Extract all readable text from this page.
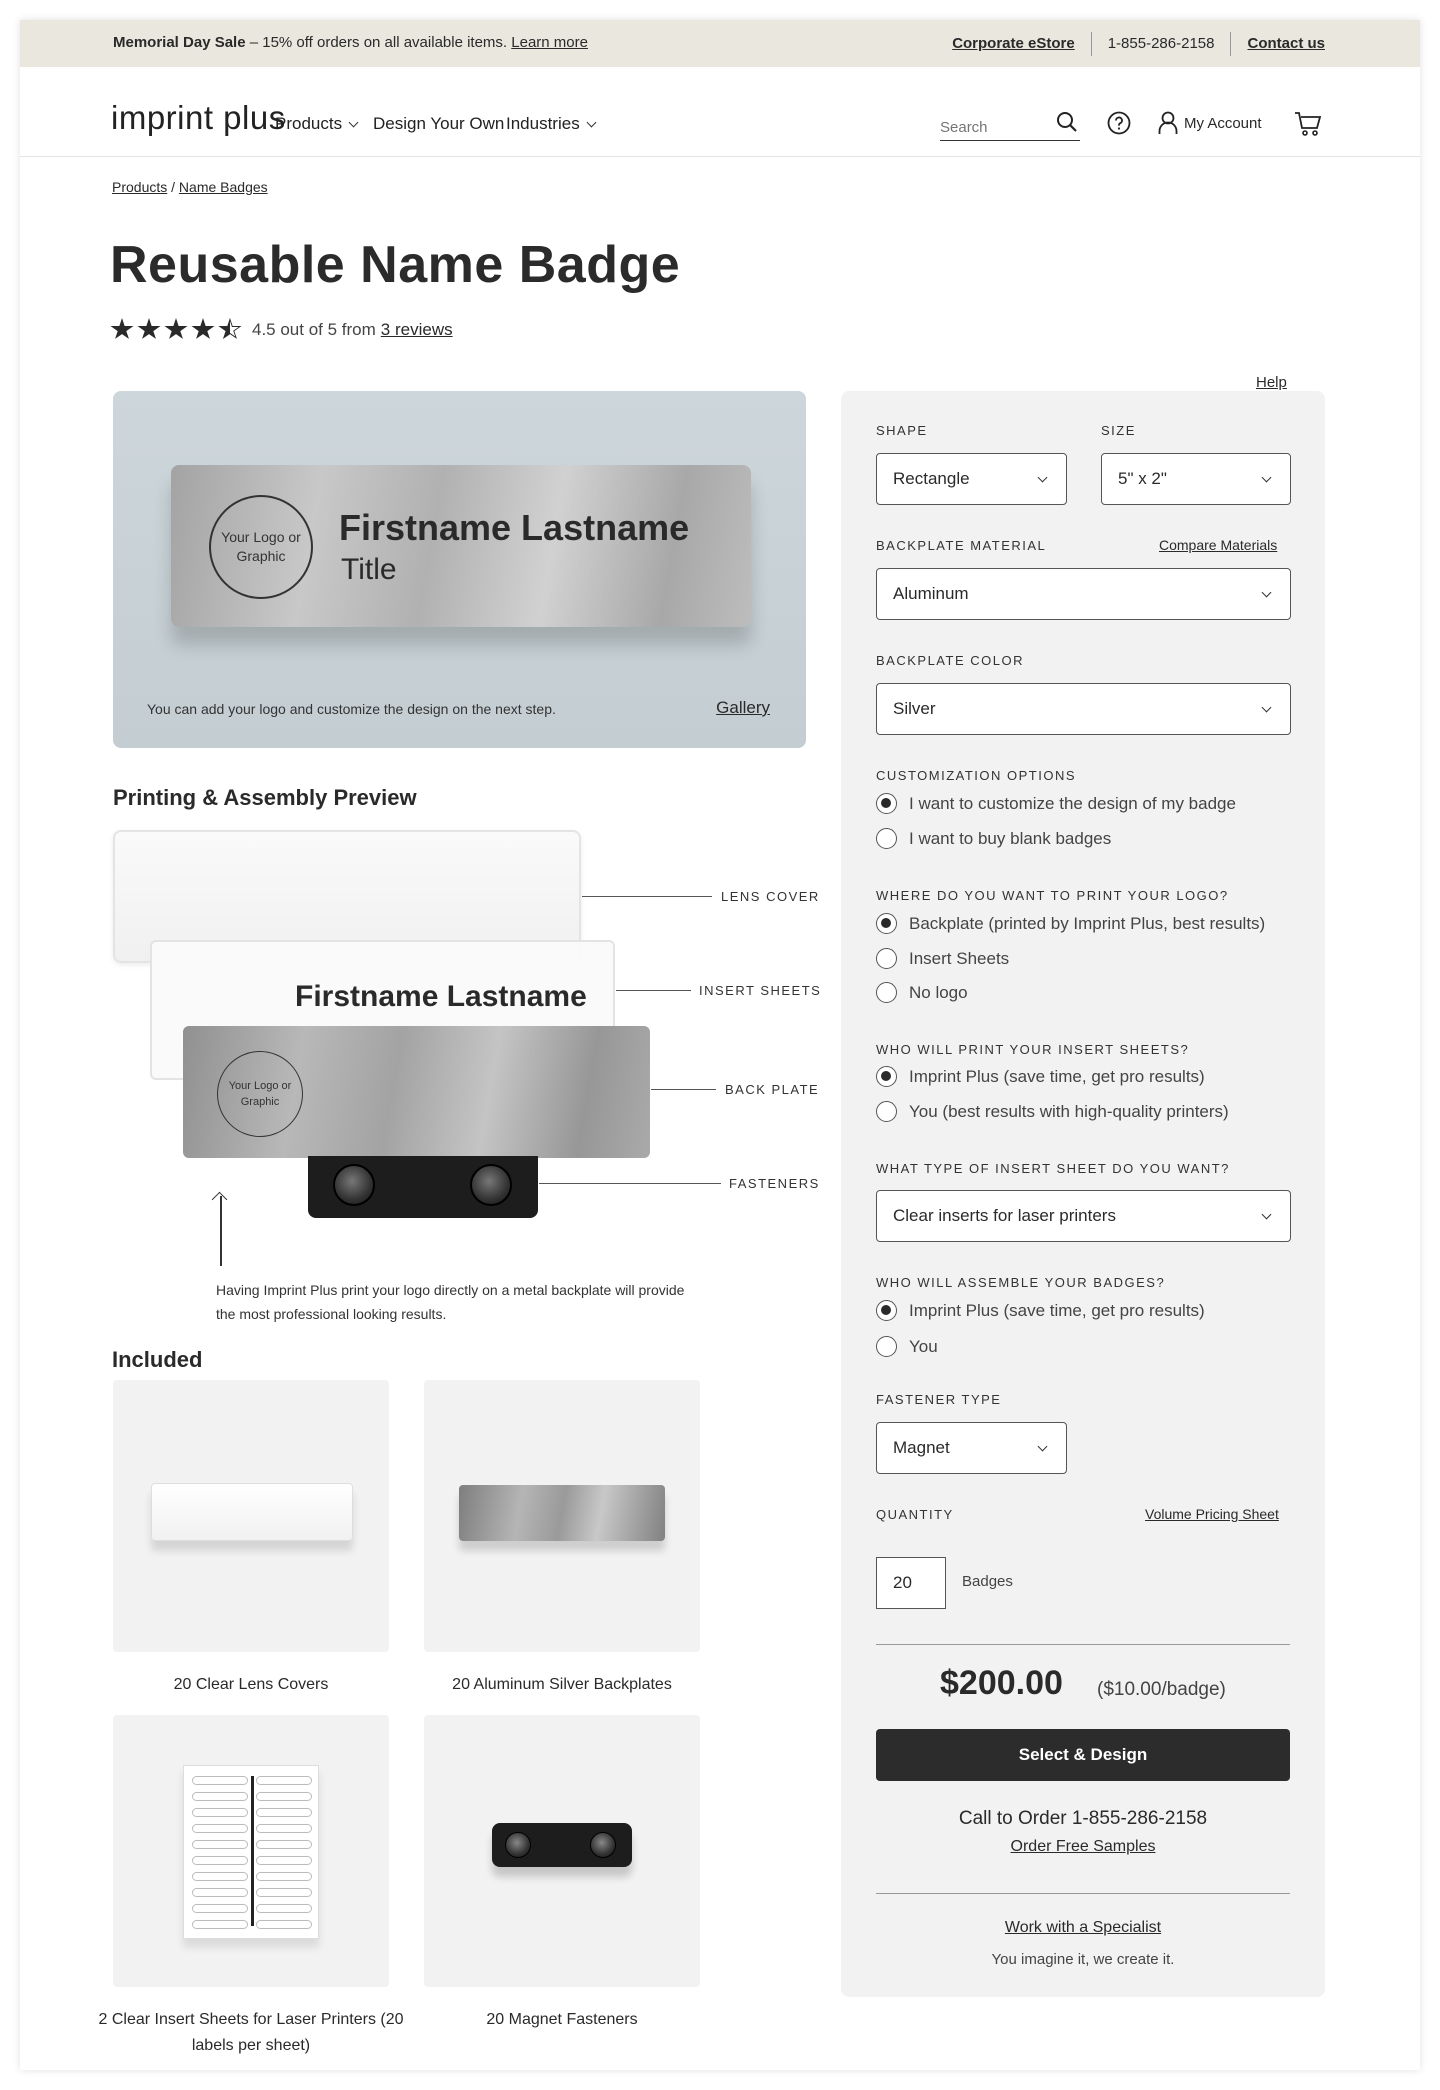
Memorial Day Sale – 15% off orders on all available items. Learn more	Corporate eStore	1-855-286-2158	Contact us
imprint plus
Products	Design Your Own Industries
Search	My Account
Products / Name Badges
Reusable Name Badge
4.5 out of 5 from 3 reviews
Your Logo or Graphic
Firstname Lastname
Title
You can add your logo and customize the design on the next step.	Gallery
Printing & Assembly Preview
Firstname Lastname
Your Logo or Graphic
LENS COVER
INSERT SHEETS
BACK PLATE
FASTENERS
Having Imprint Plus print your logo directly on a metal backplate will provide the most professional looking results.
Included
20 Clear Lens Covers	20 Aluminum Silver Backplates
2 Clear Insert Sheets for Laser Printers (20 labels per sheet)
20 Magnet Fasteners
Help
SHAPE
Rectangle
SIZE
5" x 2"
BACKPLATE MATERIAL	Compare Materials
Aluminum
BACKPLATE COLOR
Silver
CUSTOMIZATION OPTIONS
I want to customize the design of my badge
I want to buy blank badges
WHERE DO YOU WANT TO PRINT YOUR LOGO?
Backplate (printed by Imprint Plus, best results)
Insert Sheets
No logo
WHO WILL PRINT YOUR INSERT SHEETS?
Imprint Plus (save time, get pro results)
You (best results with high-quality printers)
WHAT TYPE OF INSERT SHEET DO YOU WANT?
Clear inserts for laser printers
WHO WILL ASSEMBLE YOUR BADGES?
Imprint Plus (save time, get pro results)
You
FASTENER TYPE
Magnet
QUANTITY	Volume Pricing Sheet
20	Badges
$200.00 ($10.00/badge)
Select & Design
Call to Order 1-855-286-2158
Order Free Samples
Work with a Specialist
You imagine it, we create it.
